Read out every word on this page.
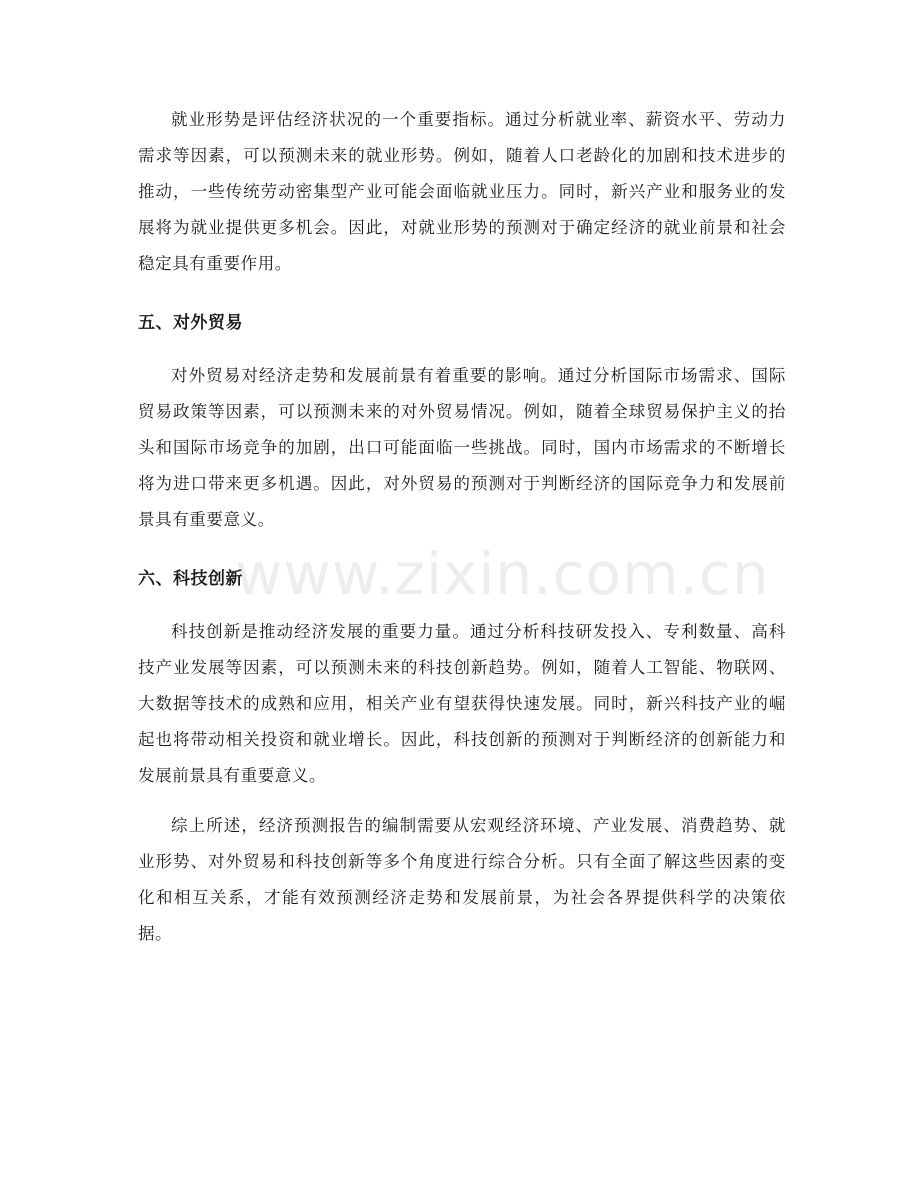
就业形势是评估经济状况的一个重要指标。通过分析就业率、薪资水平、劳动力需求等因素，可以预测未来的就业形势。例如，随着人口老龄化的加剧和技术进步的推动，一些传统劳动密集型产业可能会面临就业压力。同时，新兴产业和服务业的发展将为就业提供更多机会。因此，对就业形势的预测对于确定经济的就业前景和社会稳定具有重要作用。

五、对外贸易

对外贸易对经济走势和发展前景有着重要的影响。通过分析国际市场需求、国际贸易政策等因素，可以预测未来的对外贸易情况。例如，随着全球贸易保护主义的抬头和国际市场竞争的加剧，出口可能面临一些挑战。同时，国内市场需求的不断增长将为进口带来更多机遇。因此，对外贸易的预测对于判断经济的国际竞争力和发展前景具有重要意义。

六、科技创新

科技创新是推动经济发展的重要力量。通过分析科技研发投入、专利数量、高科技产业发展等因素，可以预测未来的科技创新趋势。例如，随着人工智能、物联网、大数据等技术的成熟和应用，相关产业有望获得快速发展。同时，新兴科技产业的崛起也将带动相关投资和就业增长。因此，科技创新的预测对于判断经济的创新能力和发展前景具有重要意义。

综上所述，经济预测报告的编制需要从宏观经济环境、产业发展、消费趋势、就业形势、对外贸易和科技创新等多个角度进行综合分析。只有全面了解这些因素的变化和相互关系，才能有效预测经济走势和发展前景，为社会各界提供科学的决策依据。

www.zixin.com.cn
